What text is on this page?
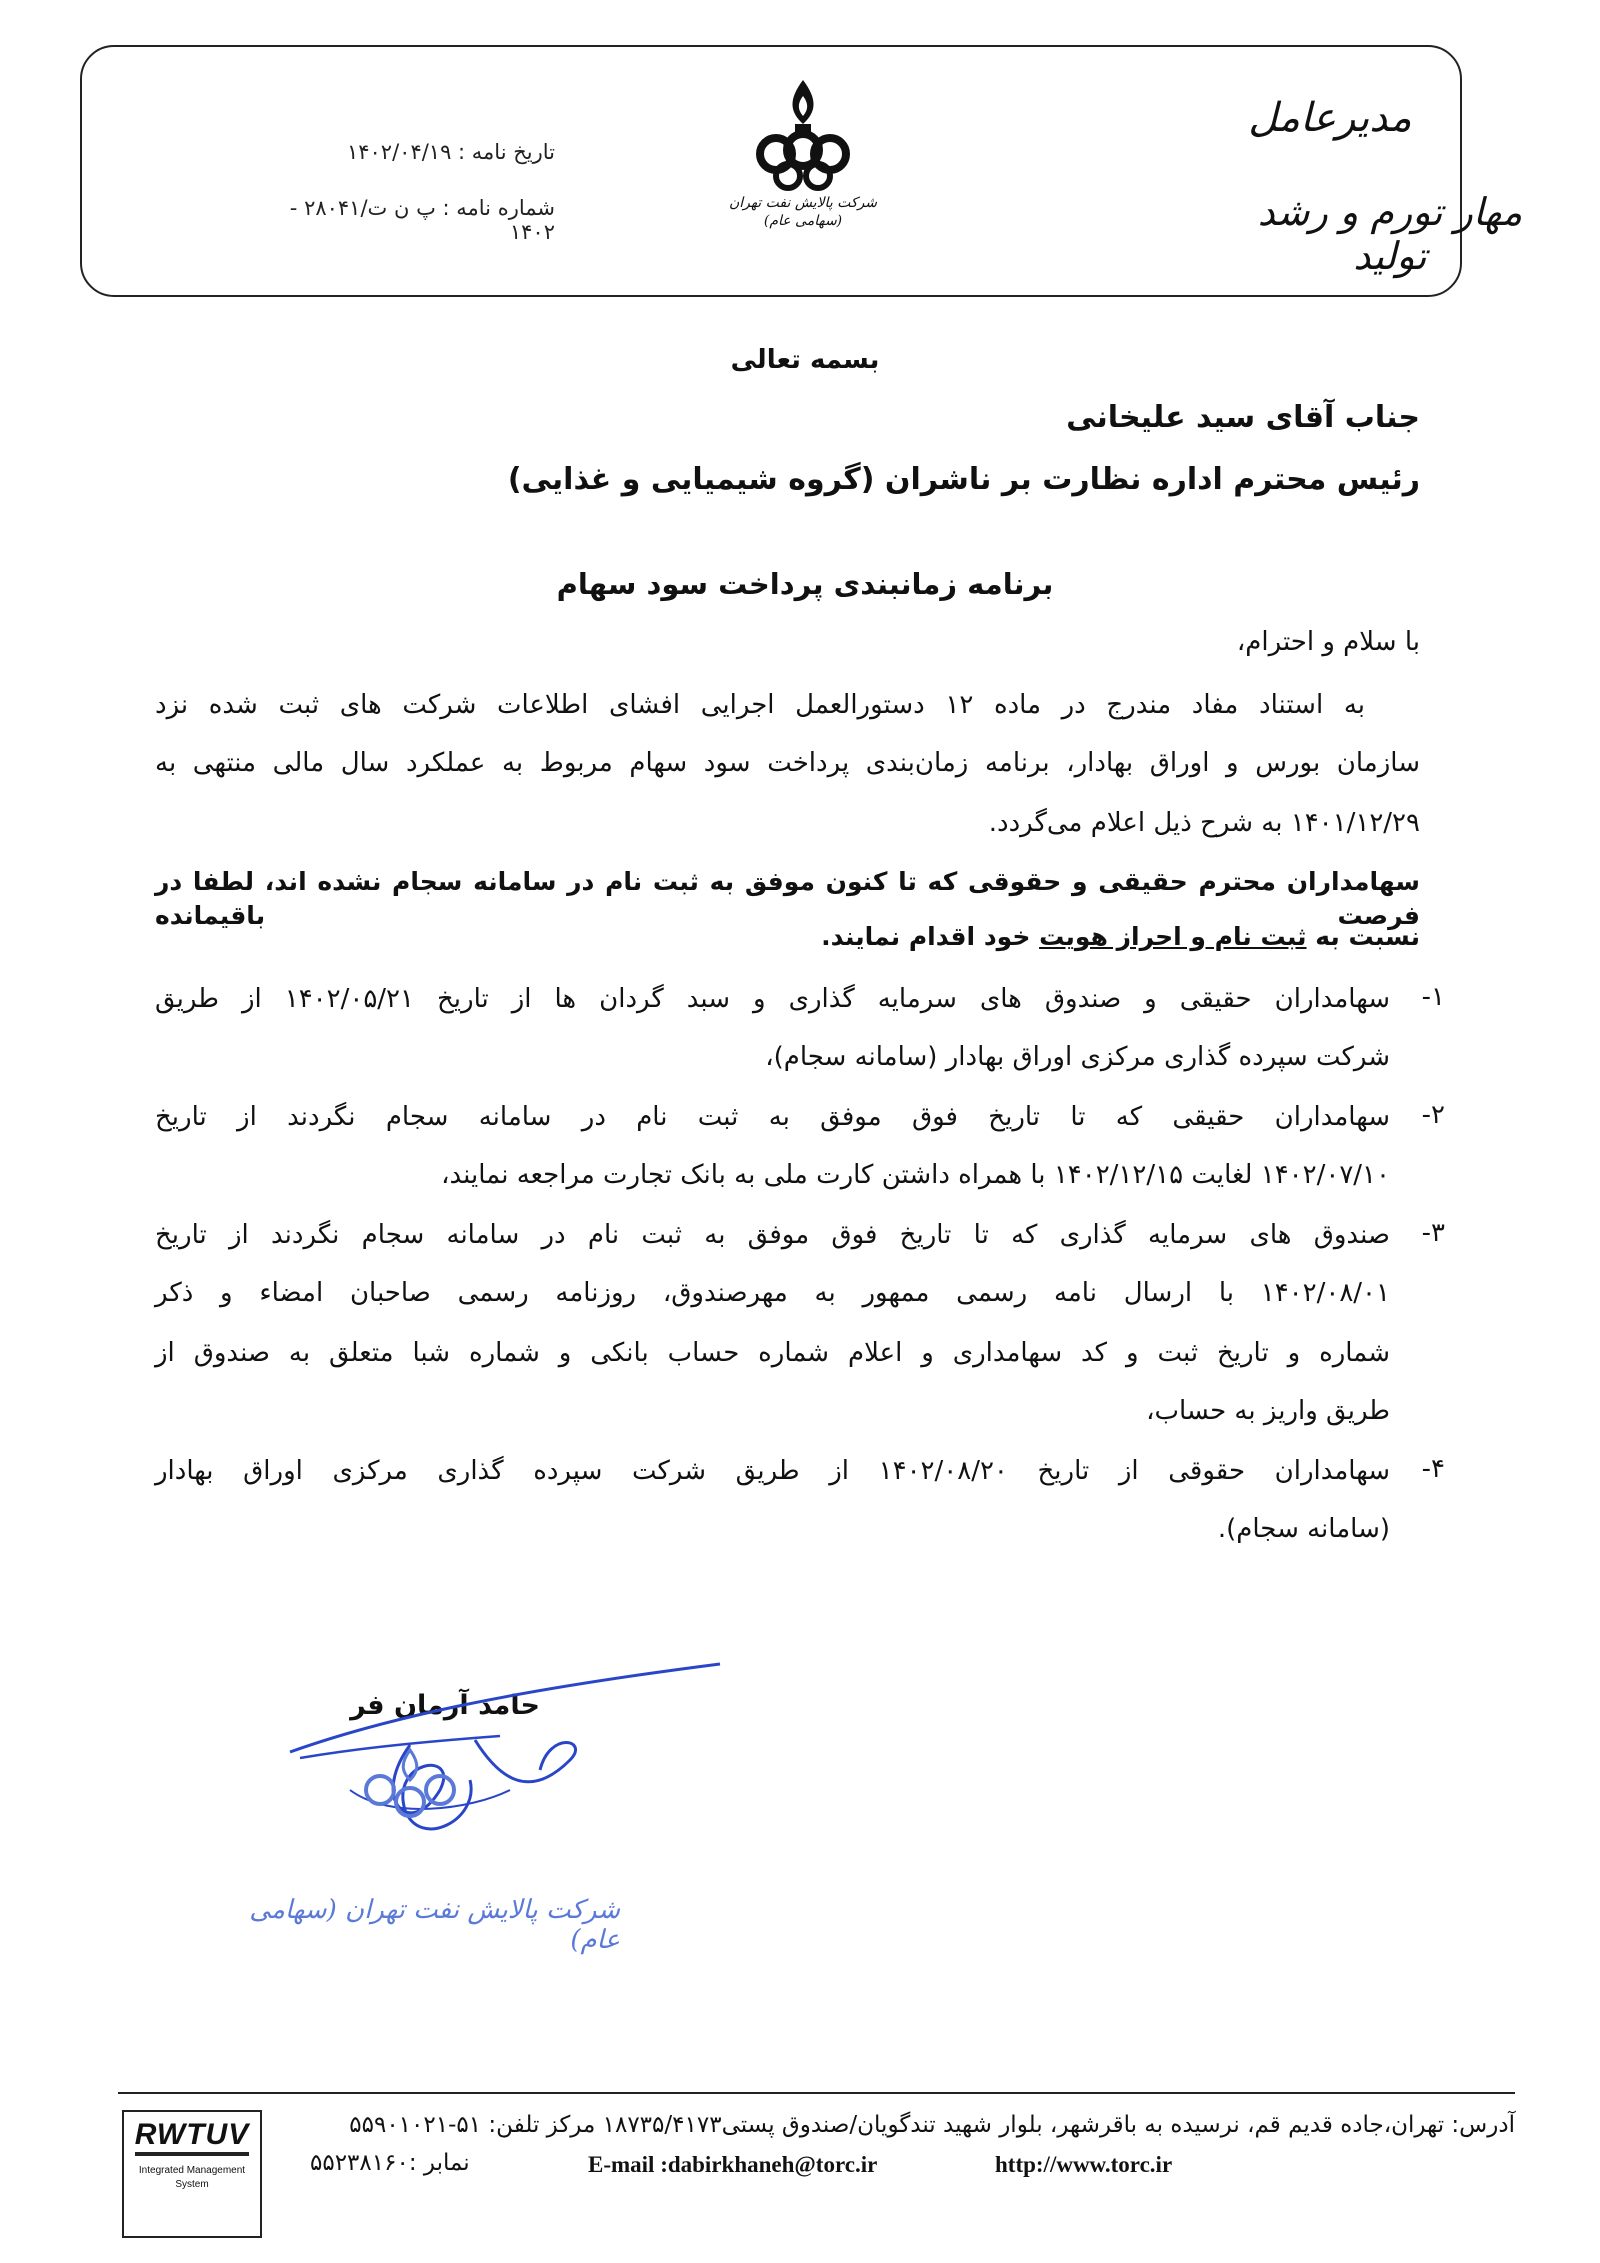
تاریخ نامه : ۱۴۰۲/۰۴/۱۹
شماره نامه : پ ن ت/۲۸۰۴۱ - ۱۴۰۲
شرکت پالایش نفت تهران (سهامی عام)
مدیرعامل
مهار تورم و رشد تولید
بسمه تعالی
جناب آقای سید علیخانی
رئیس محترم اداره نظارت بر ناشران (گروه شیمیایی و غذایی)
برنامه زمانبندی پرداخت سود سهام
با سلام و احترام،
به استناد مفاد مندرج در ماده ۱۲ دستورالعمل اجرایی افشای اطلاعات شرکت های ثبت شده نزد
سازمان بورس و اوراق بهادار، برنامه زمان‌بندی پرداخت سود سهام مربوط به عملکرد سال مالی منتهی به
۱۴۰۱/۱۲/۲۹ به شرح ذیل اعلام می‌گردد.
سهامداران محترم حقیقی و حقوقی که تا کنون موفق به ثبت نام در سامانه سجام نشده اند، لطفا در فرصت باقیمانده
نسبت به ثبت نام و احراز هویت خود اقدام نمایند.
۱-
سهامداران حقیقی و صندوق های سرمایه گذاری و سبد گردان ها از تاریخ ۱۴۰۲/۰۵/۲۱ از طریق
شرکت سپرده گذاری مرکزی اوراق بهادار (سامانه سجام)،
۲-
سهامداران حقیقی که تا تاریخ فوق موفق به ثبت نام در سامانه سجام نگردند از تاریخ
۱۴۰۲/۰۷/۱۰ لغایت ۱۴۰۲/۱۲/۱۵ با همراه داشتن کارت ملی به بانک تجارت مراجعه نمایند،
۳-
صندوق های سرمایه گذاری که تا تاریخ فوق موفق به ثبت نام در سامانه سجام نگردند از تاریخ
۱۴۰۲/۰۸/۰۱ با ارسال نامه رسمی ممهور به مهرصندوق، روزنامه رسمی صاحبان امضاء و ذکر
شماره و تاریخ ثبت و کد سهامداری و اعلام شماره حساب بانکی و شماره شبا متعلق به صندوق از
طریق واریز به حساب،
۴-
سهامداران حقوقی از تاریخ ۱۴۰۲/۰۸/۲۰ از طریق شرکت سپرده گذاری مرکزی اوراق بهادار
(سامانه سجام).
حامد آرمان فر
شرکت پالایش نفت تهران (سهامی عام)
RWTUV
Integrated Management System
آدرس: تهران،جاده قدیم قم، نرسیده به باقرشهر، بلوار شهید تندگویان/صندوق پستی۱۸۷۳۵/۴۱۷۳ مرکز تلفن: ۵۱-۵۵۹۰۱۰۲۱
نمابر :۵۵۲۳۸۱۶۰	E-mail :dabirkhaneh@torc.ir	http://www.torc.ir
